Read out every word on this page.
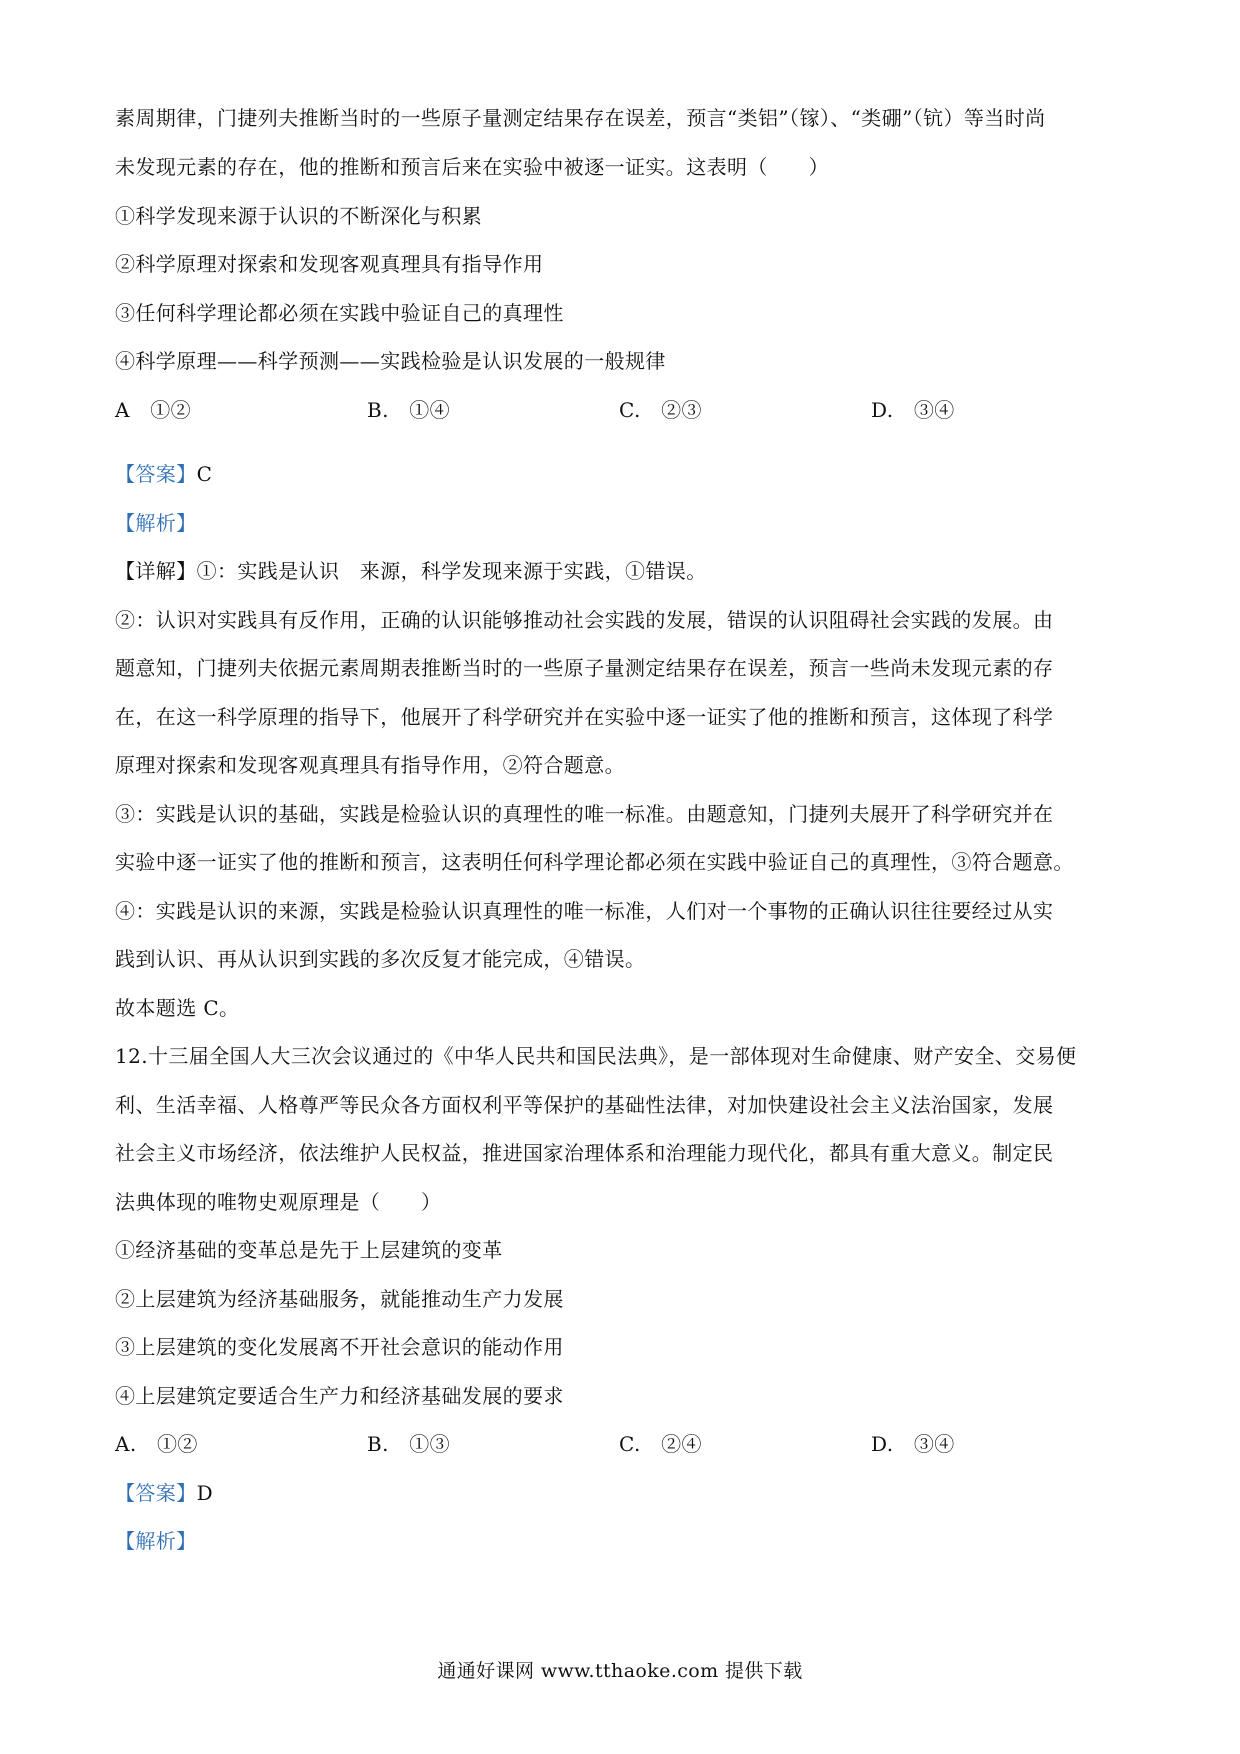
素周期律，门捷列夫推断当时的一些原子量测定结果存在误差，预言“类铝”（镓）、“类硼”（钪）等当时尚
未发现元素的存在，他的推断和预言后来在实验中被逐一证实。这表明（　　）
①科学发现来源于认识的不断深化与积累
②科学原理对探索和发现客观真理具有指导作用
③任何科学理论都必须在实践中验证自己的真理性
④科学原理——科学预测——实践检验是认识发展的一般规律
A　①②	B.　①④	C.　②③	D.　③④
【答案】C
【解析】
【详解】①：实践是认识　来源，科学发现来源于实践，①错误。
②：认识对实践具有反作用，正确的认识能够推动社会实践的发展，错误的认识阻碍社会实践的发展。由
题意知，门捷列夫依据元素周期表推断当时的一些原子量测定结果存在误差，预言一些尚未发现元素的存
在，在这一科学原理的指导下，他展开了科学研究并在实验中逐一证实了他的推断和预言，这体现了科学
原理对探索和发现客观真理具有指导作用，②符合题意。
③：实践是认识的基础，实践是检验认识的真理性的唯一标准。由题意知，门捷列夫展开了科学研究并在
实验中逐一证实了他的推断和预言，这表明任何科学理论都必须在实践中验证自己的真理性，③符合题意。
④：实践是认识的来源，实践是检验认识真理性的唯一标准，人们对一个事物的正确认识往往要经过从实
践到认识、再从认识到实践的多次反复才能完成，④错误。
故本题选 C。
12.十三届全国人大三次会议通过的《中华人民共和国民法典》，是一部体现对生命健康、财产安全、交易便
利、生活幸福、人格尊严等民众各方面权利平等保护的基础性法律，对加快建设社会主义法治国家，发展
社会主义市场经济，依法维护人民权益，推进国家治理体系和治理能力现代化，都具有重大意义。制定民
法典体现的唯物史观原理是（　　）
①经济基础的变革总是先于上层建筑的变革
②上层建筑为经济基础服务，就能推动生产力发展
③上层建筑的变化发展离不开社会意识的能动作用
④上层建筑定要适合生产力和经济基础发展的要求
A.　①②	B.　①③	C.　②④	D.　③④
【答案】D
【解析】
通通好课网 www.tthaoke.com 提供下载
